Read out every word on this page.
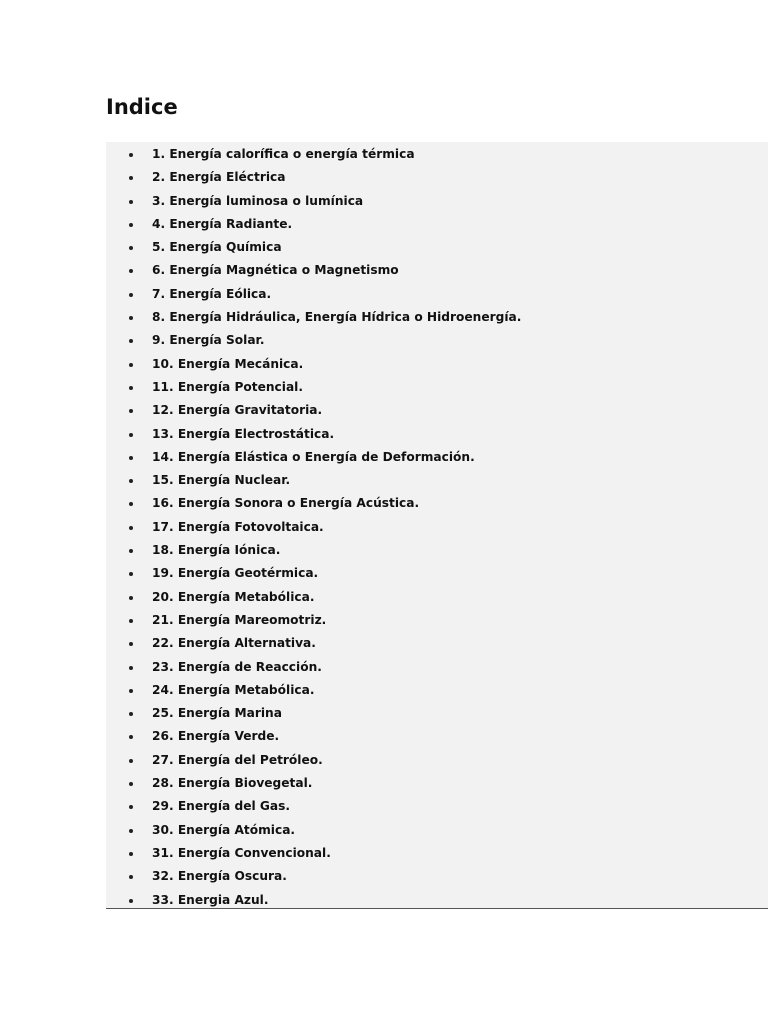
Indice
1. Energía calorífica o energía térmica
2. Energía Eléctrica
3. Energía luminosa o lumínica
4. Energía Radiante.
5. Energía Química
6. Energía Magnética o Magnetismo
7. Energía Eólica.
8. Energía Hidráulica, Energía Hídrica o Hidroenergía.
9. Energía Solar.
10. Energía Mecánica.
11. Energía Potencial.
12. Energía Gravitatoria.
13. Energía Electrostática.
14. Energía Elástica o Energía de Deformación.
15. Energía Nuclear.
16. Energía Sonora o Energía Acústica.
17. Energía Fotovoltaica.
18. Energía Iónica.
19. Energía Geotérmica.
20. Energía Metabólica.
21. Energía Mareomotriz.
22. Energía Alternativa.
23. Energía de Reacción.
24. Energía Metabólica.
25. Energía Marina
26. Energía Verde.
27. Energía del Petróleo.
28. Energía Biovegetal.
29. Energía del Gas.
30. Energía Atómica.
31. Energía Convencional.
32. Energía Oscura.
33. Energia Azul.
